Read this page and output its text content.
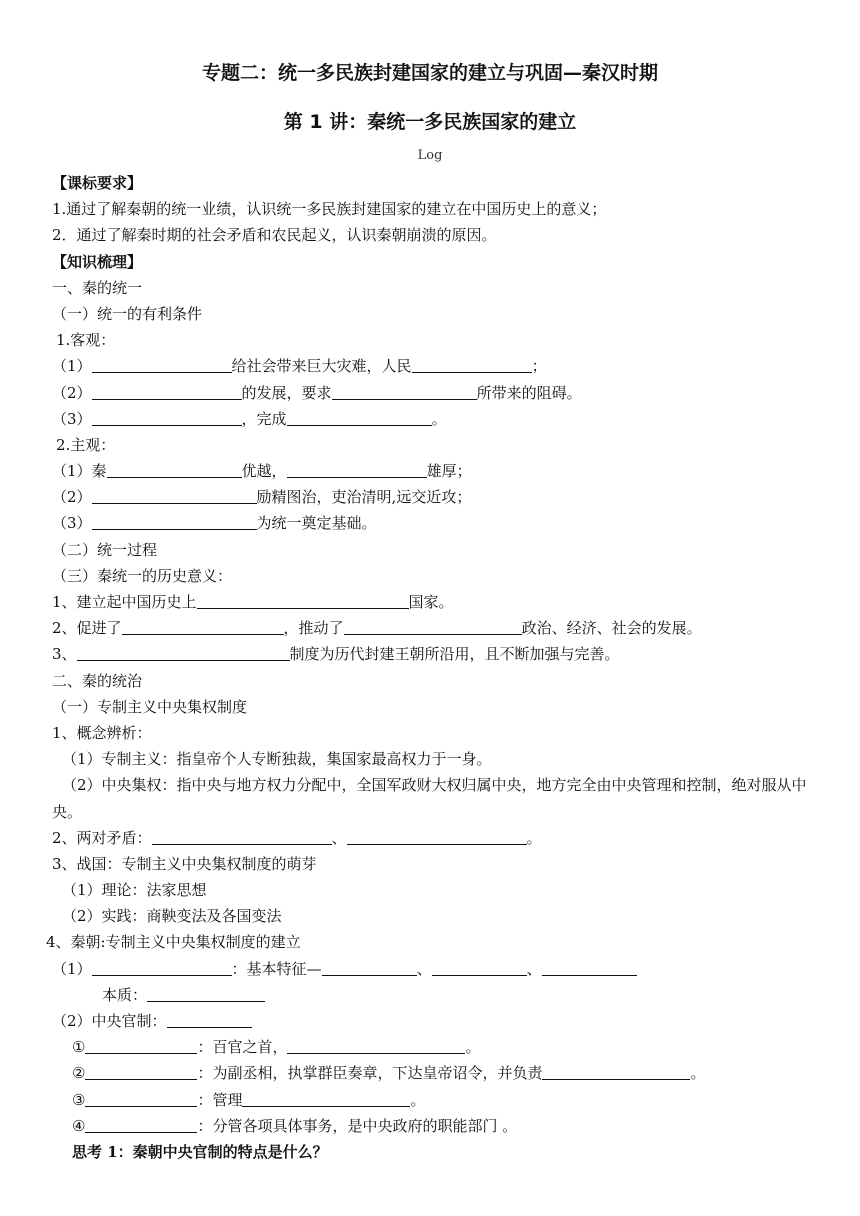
专题二：统一多民族封建国家的建立与巩固—秦汉时期
第 1 讲：秦统一多民族国家的建立
Log
【课标要求】
1.通过了解秦朝的统一业绩，认识统一多民族封建国家的建立在中国历史上的意义；
2．通过了解秦时期的社会矛盾和农民起义，认识秦朝崩溃的原因。
【知识梳理】
一、秦的统一
（一）统一的有利条件
1.客观：
（1）	给社会带来巨大灾难，人民	；
（2）	的发展，要求	所带来的阻碍。
（3）	，完成	。
2.主观：
（1）秦	优越，	雄厚；
（2）	励精图治，吏治清明,远交近攻；
（3）	为统一奠定基础。
（二）统一过程
（三）秦统一的历史意义：
1、建立起中国历史上	国家。
2、促进了	，推动了	政治、经济、社会的发展。
3、	制度为历代封建王朝所沿用，且不断加强与完善。
二、秦的统治
（一）专制主义中央集权制度
1、概念辨析：
（1）专制主义：指皇帝个人专断独裁，集国家最高权力于一身。
（2）中央集权：指中央与地方权力分配中，全国军政财大权归属中央，地方完全由中央管理和控制，绝对服从中央。
2、两对矛盾：	、	。
3、战国：专制主义中央集权制度的萌芽
（1）理论：法家思想
（2）实践：商鞅变法及各国变法
4、秦朝:专制主义中央集权制度的建立
（1）	：基本特征—	、	、
本质：
（2）中央官制：
①	：百官之首，	。
②	：为副丞相，执掌群臣奏章，下达皇帝诏令，并负责	。
③	：管理	。
④	：分管各项具体事务，是中央政府的职能部门 。
思考 1：秦朝中央官制的特点是什么？
